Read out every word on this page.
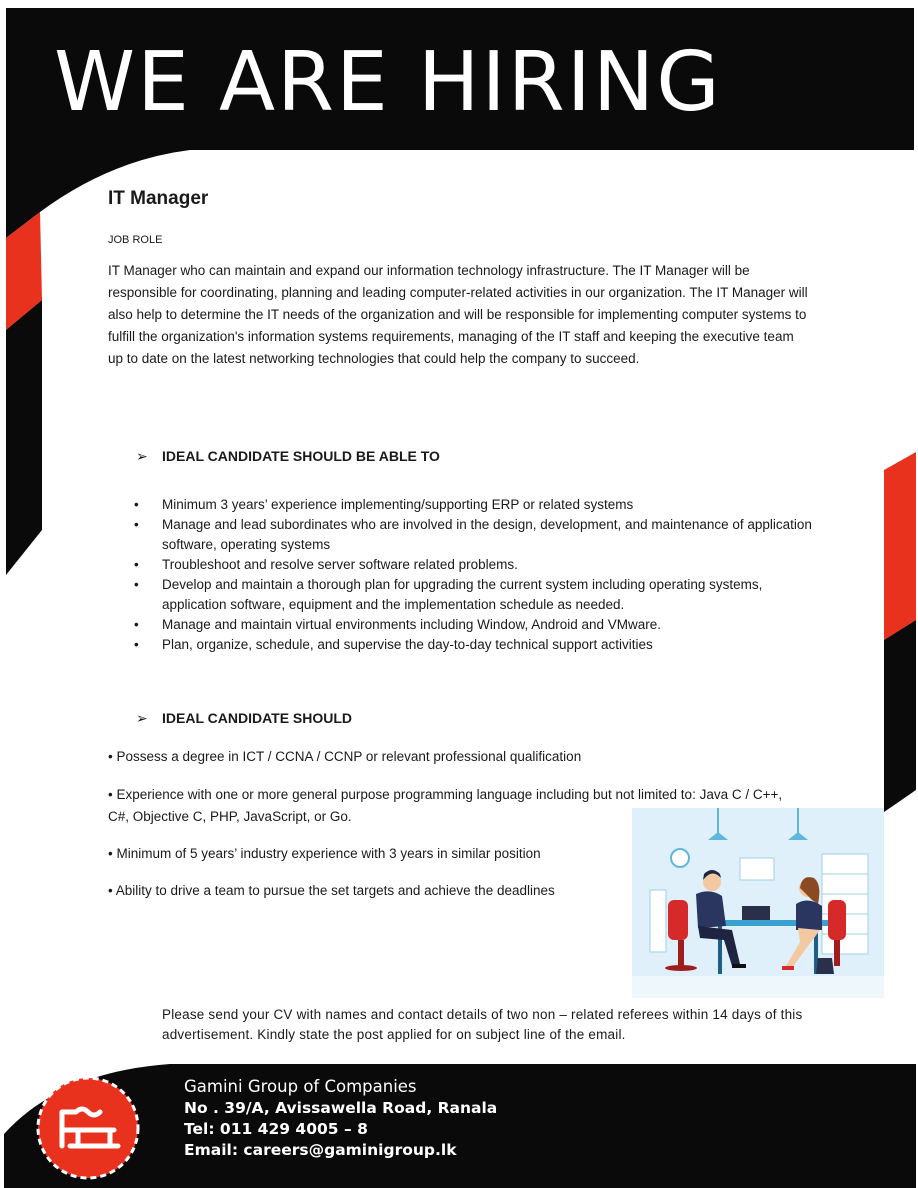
WE ARE HIRING
IT Manager
JOB ROLE
IT Manager who can maintain and expand our information technology infrastructure. The IT Manager will be responsible for coordinating, planning and leading computer-related activities in our organization. The IT Manager will also help to determine the IT needs of the organization and will be responsible for implementing computer systems to fulfill the organization's information systems requirements, managing of the IT staff and keeping the executive team up to date on the latest networking technologies that could help the company to succeed.
➢ IDEAL CANDIDATE SHOULD BE ABLE TO
• Minimum 3 years’ experience implementing/supporting ERP or related systems
• Manage and lead subordinates who are involved in the design, development, and maintenance of application software, operating systems
• Troubleshoot and resolve server software related problems.
• Develop and maintain a thorough plan for upgrading the current system including operating systems, application software, equipment and the implementation schedule as needed.
• Manage and maintain virtual environments including Window, Android and VMware.
• Plan, organize, schedule, and supervise the day-to-day technical support activities
➢ IDEAL CANDIDATE SHOULD
• Possess a degree in ICT / CCNA / CCNP or relevant professional qualification
• Experience with one or more general purpose programming language including but not limited to: Java C / C++, C#, Objective C, PHP, JavaScript, or Go.
• Minimum of 5 years’ industry experience with 3 years in similar position
• Ability to drive a team to pursue the set targets and achieve the deadlines
Please send your CV with names and contact details of two non – related referees within 14 days of this advertisement. Kindly state the post applied for on subject line of the email.
Gamini Group of Companies
No . 39/A, Avissawella Road, Ranala
Tel: 011 429 4005 – 8
Email: careers@gaminigroup.lk
